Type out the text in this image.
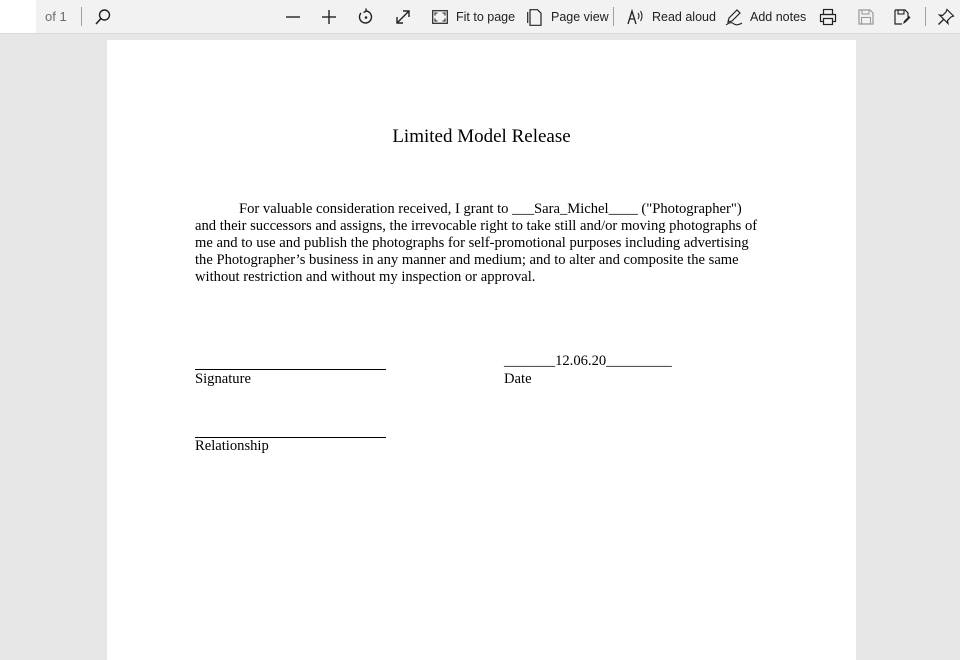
of 1	Fit to page	Page view	Read aloud	Add notes
Limited Model Release
For valuable consideration received, I grant to ___Sara_Michel____ ("Photographer")
and their successors and assigns, the irrevocable right to take still and/or moving photographs of
me and to use and publish the photographs for self-promotional purposes including advertising
the Photographer’s business in any manner and medium; and to alter and composite the same
without restriction and without my inspection or approval.
Signature
_______12.06.20_________
Date
Relationship
